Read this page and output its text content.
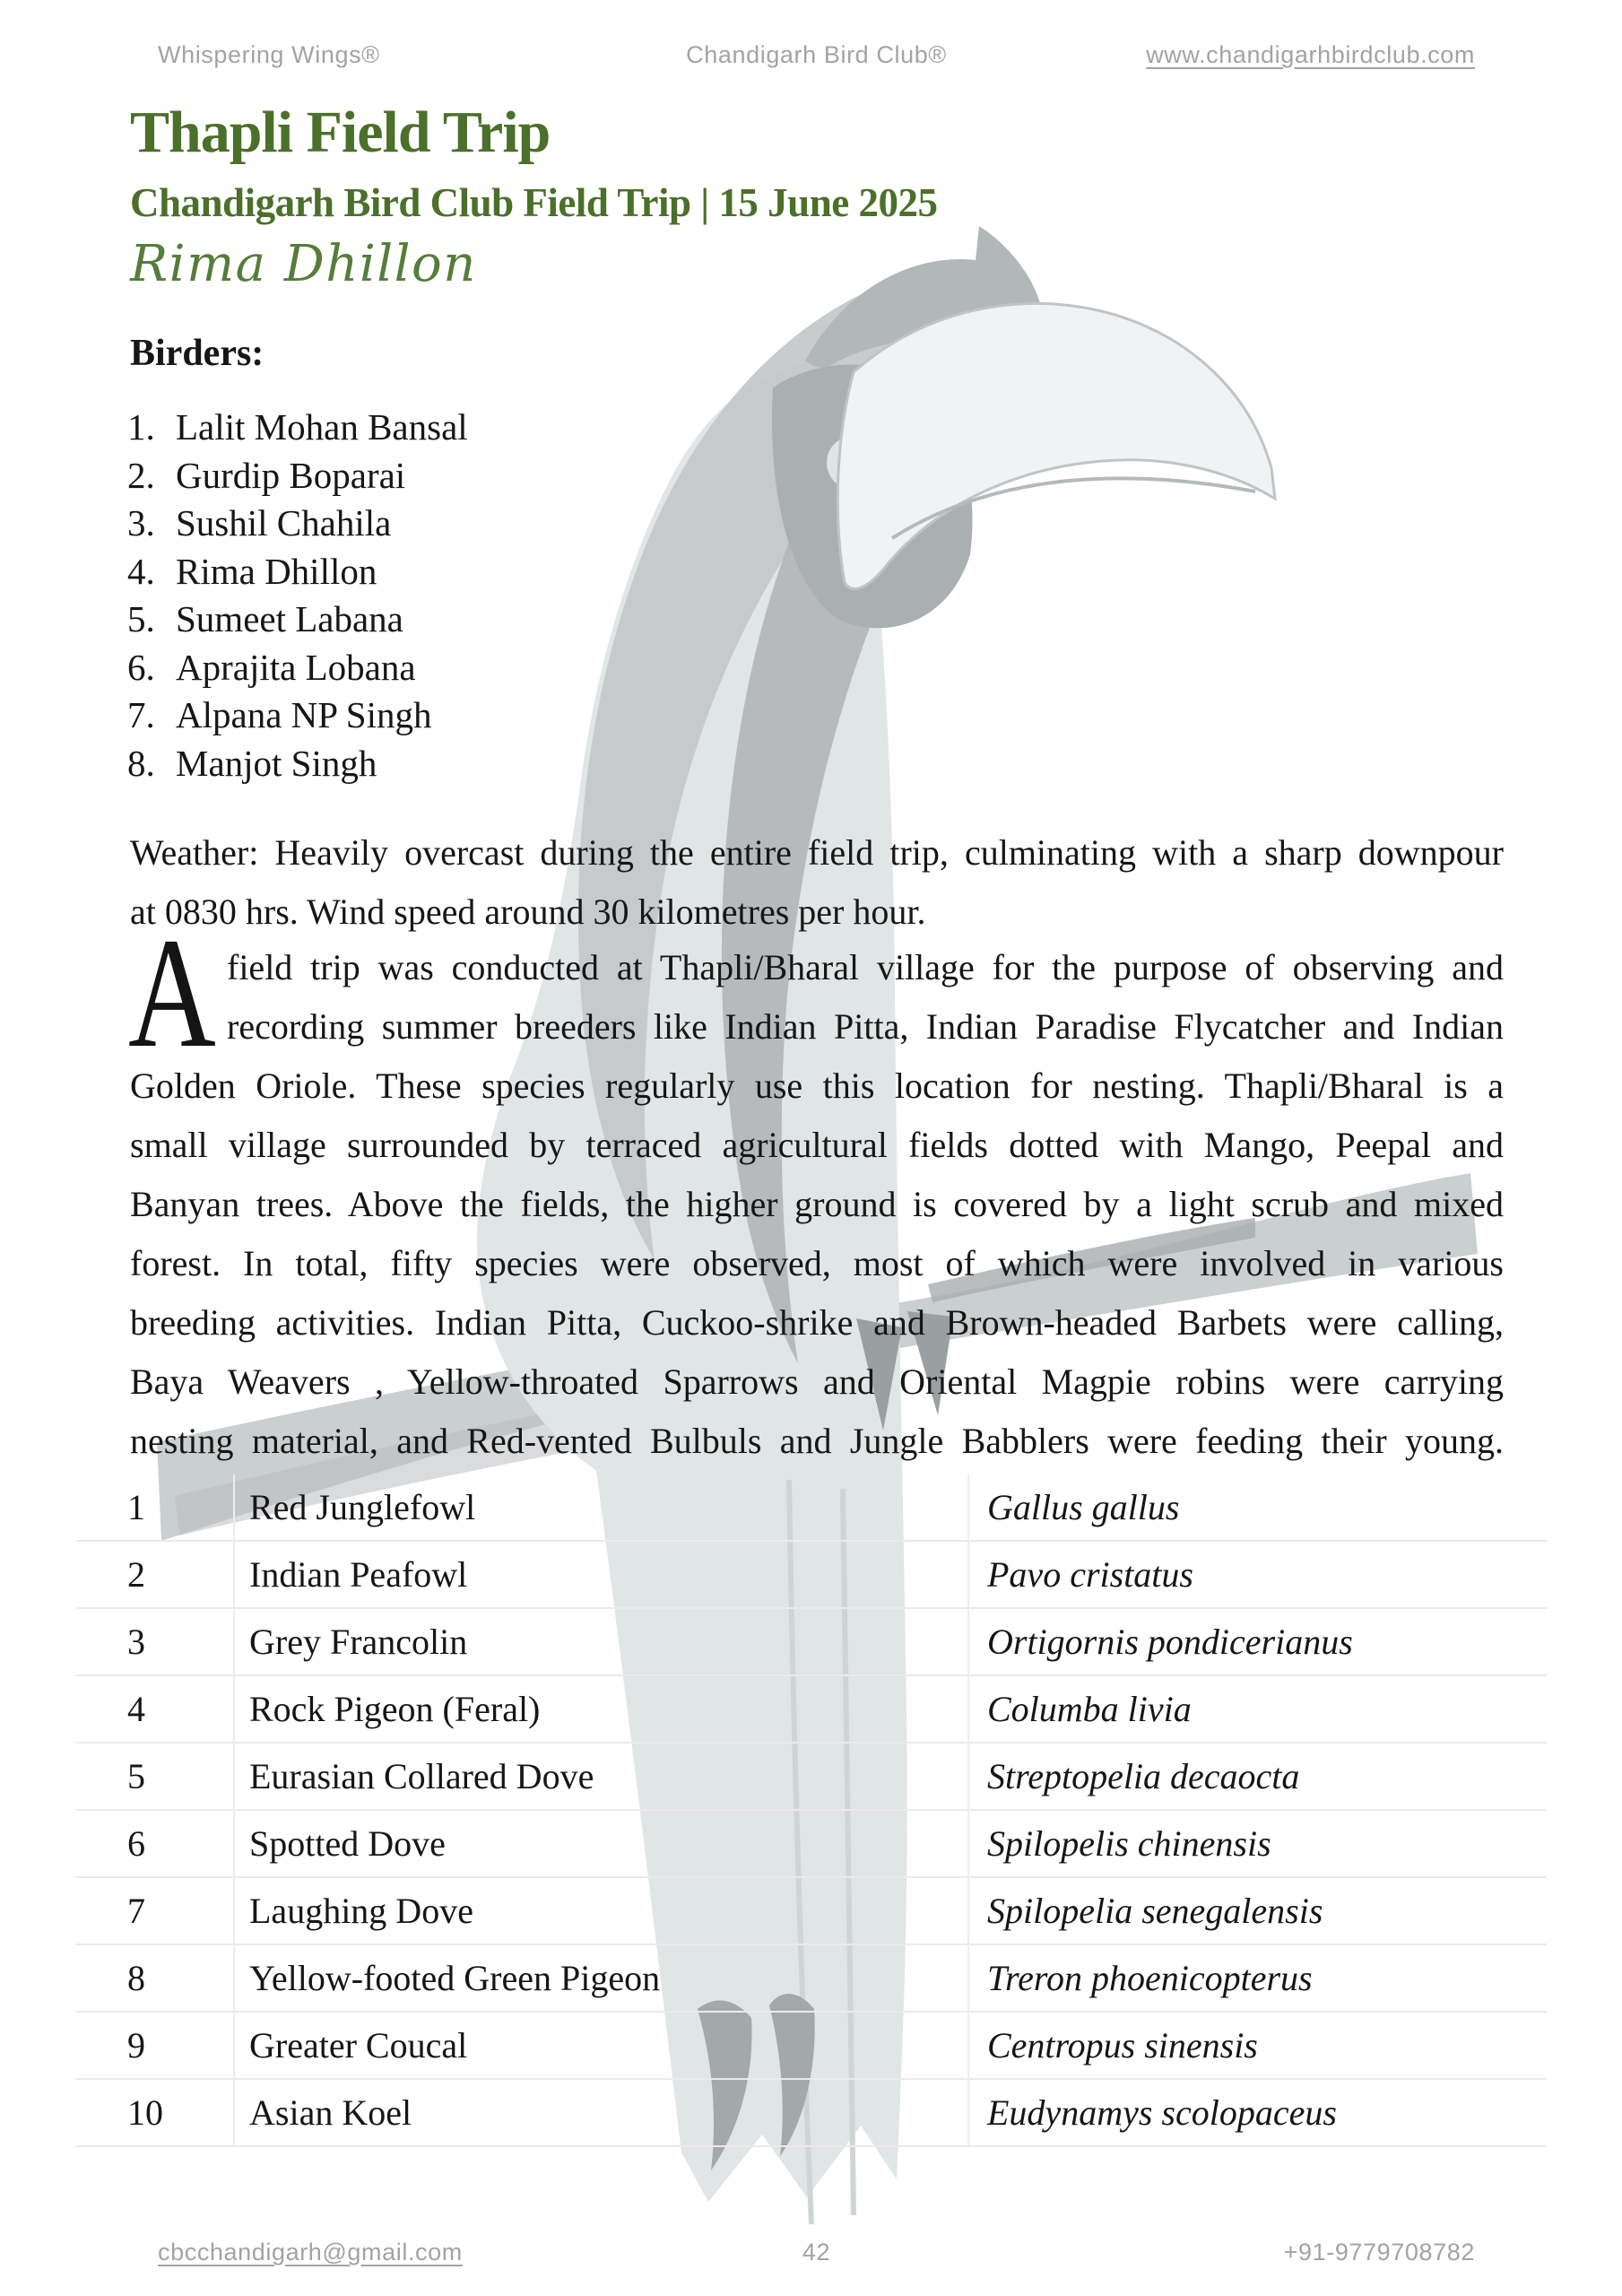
Whispering Wings®	Chandigarh Bird Club®	www.chandigarhbirdclub.com
Thapli Field Trip
Chandigarh Bird Club Field Trip | 15 June 2025
Rima Dhillon
Birders:
1. Lalit Mohan Bansal
2. Gurdip Boparai
3. Sushil Chahila
4. Rima Dhillon
5. Sumeet Labana
6. Aprajita Lobana
7. Alpana NP Singh
8. Manjot Singh
Weather: Heavily overcast during the entire field trip, culminating with a sharp downpour
at 0830 hrs. Wind speed around 30 kilometres per hour.
A field trip was conducted at Thapli/Bharal village for the purpose of observing and
recording summer breeders like Indian Pitta, Indian Paradise Flycatcher and Indian
Golden Oriole. These species regularly use this location for nesting. Thapli/Bharal is a
small village surrounded by terraced agricultural fields dotted with Mango, Peepal and
Banyan trees. Above the fields, the higher ground is covered by a light scrub and mixed
forest. In total, fifty species were observed, most of which were involved in various
breeding activities. Indian Pitta, Cuckoo-shrike and Brown-headed Barbets were calling,
Baya Weavers , Yellow-throated Sparrows and Oriental Magpie robins were carrying
nesting material, and Red-vented Bulbuls and Jungle Babblers were feeding their young.
1	Red Junglefowl	Gallus gallus
2	Indian Peafowl	Pavo cristatus
3	Grey Francolin	Ortigornis pondicerianus
4	Rock Pigeon (Feral)	Columba livia
5	Eurasian Collared Dove	Streptopelia decaocta
6	Spotted Dove	Spilopelis chinensis
7	Laughing Dove	Spilopelia senegalensis
8	Yellow-footed Green Pigeon	Treron phoenicopterus
9	Greater Coucal	Centropus sinensis
10	Asian Koel	Eudynamys scolopaceus
cbcchandigarh@gmail.com	42	+91-9779708782
